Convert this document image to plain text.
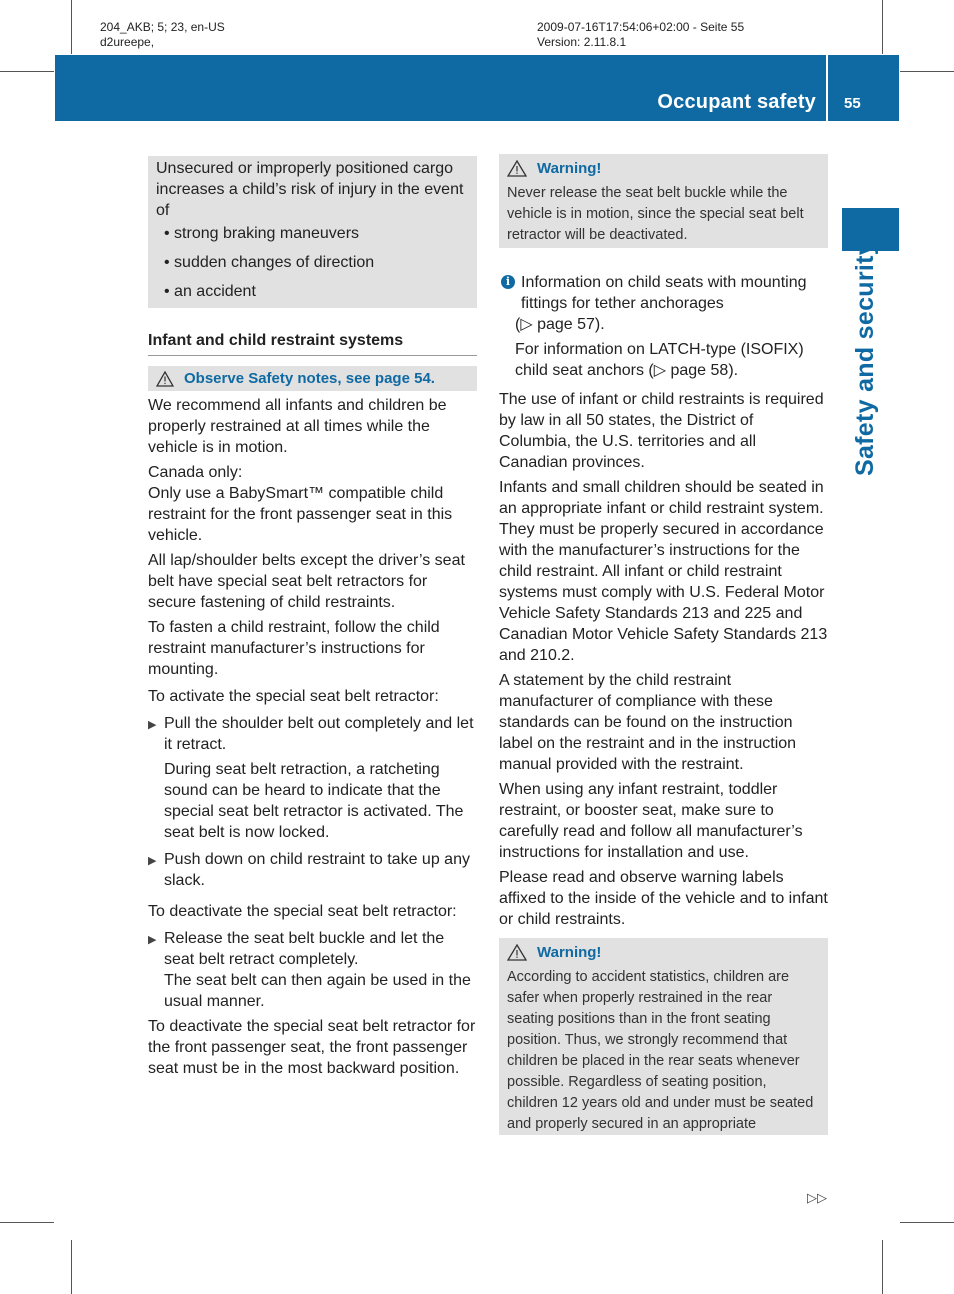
204_AKB; 5; 23, en-US
d2ureepe,
2009-07-16T17:54:06+02:00 - Seite 55
Version: 2.11.8.1
Occupant safety 55
Safety and security
Unsecured or improperly positioned cargo increases a child’s risk of injury in the event of
• strong braking maneuvers
• sudden changes of direction
• an accident
Infant and child restraint systems
Observe Safety notes, see page 54.

We recommend all infants and children be properly restrained at all times while the vehicle is in motion.

Canada only:

Only use a BabySmart™ compatible child restraint for the front passenger seat in this vehicle.

All lap/shoulder belts except the driver’s seat belt have special seat belt retractors for secure fastening of child restraints.

To fasten a child restraint, follow the child restraint manufacturer’s instructions for mounting.

To activate the special seat belt retractor:

▶ Pull the shoulder belt out completely and let it retract.

During seat belt retraction, a ratcheting sound can be heard to indicate that the special seat belt retractor is activated. The seat belt is now locked.

▶ Push down on child restraint to take up any slack.

To deactivate the special seat belt retractor:

▶ Release the seat belt buckle and let the seat belt retract completely.
The seat belt can then again be used in the usual manner.

To deactivate the special seat belt retractor for the front passenger seat, the front passenger seat must be in the most backward position.

Warning!
Never release the seat belt buckle while the vehicle is in motion, since the special seat belt retractor will be deactivated.
i Information on child seats with mounting fittings for tether anchorages
(▷ page 57).
For information on LATCH-type (ISOFIX) child seat anchors (▷ page 58).

The use of infant or child restraints is required by law in all 50 states, the District of Columbia, the U.S. territories and all Canadian provinces.

Infants and small children should be seated in an appropriate infant or child restraint system. They must be properly secured in accordance with the manufacturer’s instructions for the child restraint. All infant or child restraint systems must comply with U.S. Federal Motor Vehicle Safety Standards 213 and 225 and Canadian Motor Vehicle Safety Standards 213 and 210.2.

A statement by the child restraint manufacturer of compliance with these standards can be found on the instruction label on the restraint and in the instruction manual provided with the restraint.

When using any infant restraint, toddler restraint, or booster seat, make sure to carefully read and follow all manufacturer’s instructions for installation and use.

Please read and observe warning labels affixed to the inside of the vehicle and to infant or child restraints.

Warning!
According to accident statistics, children are safer when properly restrained in the rear seating positions than in the front seating position. Thus, we strongly recommend that children be placed in the rear seats whenever possible. Regardless of seating position, children 12 years old and under must be seated and properly secured in an appropriate
▷▷
